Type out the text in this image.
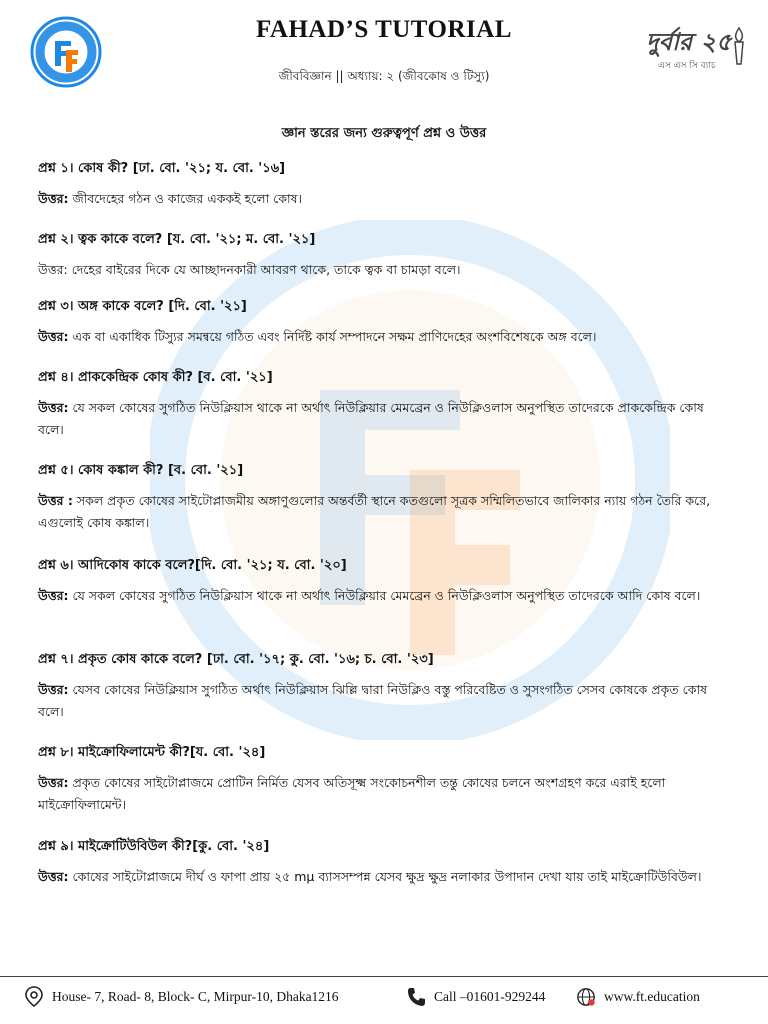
FAHAD’S TUTORIAL
জীববিজ্ঞান || অধ্যায়: ২ (জীবকোষ ও টিস্যু)
দুর্বার ২৫
এস এস সি ব্যাচ
জ্ঞান স্তরের জন্য গুরুত্বপূর্ণ প্রশ্ন ও উত্তর

প্রশ্ন ১। কোষ কী? [ঢা. বো. '২১; য. বো. '১৬]

উত্তর: জীবদেহের গঠন ও কাজের এককই হলো কোষ।

প্রশ্ন ২। ত্বক কাকে বলে? [য. বো. '২১; ম. বো. '২১]

উত্তর: দেহের বাইরের দিকে যে আচ্ছাদনকারী আবরণ থাকে, তাকে ত্বক বা চামড়া বলে।

প্রশ্ন ৩। অঙ্গ কাকে বলে? [দি. বো. '২১]

উত্তর: এক বা একাধিক টিস্যুর সমন্বয়ে গঠিত এবং নির্দিষ্ট কার্য সম্পাদনে সক্ষম প্রাণিদেহের অংশবিশেষকে অঙ্গ বলে।

প্রশ্ন ৪। প্রাককেন্দ্রিক কোষ কী? [ব. বো. '২১]

উত্তর: যে সকল কোষের সুগঠিত নিউক্লিয়াস থাকে না অর্থাৎ নিউক্লিয়ার মেমব্রেন ও নিউক্লিওলাস অনুপস্থিত তাদেরকে প্রাককেন্দ্রিক কোষ বলে।

প্রশ্ন ৫। কোষ কঙ্কাল কী? [ব. বো. '২১]

উত্তর : সকল প্রকৃত কোষের সাইটোপ্লাজমীয় অঙ্গাণুগুলোর অন্তর্বর্তী স্থানে কতগুলো সূত্রক সম্মিলিতভাবে জালিকার ন্যায় গঠন তৈরি করে, এগুলোই কোষ কঙ্কাল।

প্রশ্ন ৬। আদিকোষ কাকে বলে?[দি. বো. '২১; য. বো. '২০]

উত্তর: যে সকল কোষের সুগঠিত নিউক্লিয়াস থাকে না অর্থাৎ নিউক্লিয়ার মেমব্রেন ও নিউক্লিওলাস অনুপস্থিত তাদেরকে আদি কোষ বলে।

প্রশ্ন ৭। প্রকৃত কোষ কাকে বলে? [ঢা. বো. '১৭; কু. বো. '১৬; চ. বো. '২৩]

উত্তর: যেসব কোষের নিউক্লিয়াস সুগঠিত অর্থাৎ নিউক্লিয়াস ঝিল্লি দ্বারা নিউক্লিও বস্তু পরিবেষ্টিত ও সুসংগঠিত সেসব কোষকে প্রকৃত কোষ বলে।

প্রশ্ন ৮। মাইক্রোফিলামেন্ট কী?[য. বো. '২৪]

উত্তর: প্রকৃত কোষের সাইটোপ্লাজমে প্রোটিন নির্মিত যেসব অতিসূক্ষ্ম সংকোচনশীল তন্তু কোষের চলনে অংশগ্রহণ করে এরাই হলো মাইক্রোফিলামেন্ট।

প্রশ্ন ৯। মাইক্রোটিউবিউল কী?[কু. বো. '২৪]

উত্তর: কোষের সাইটোপ্লাজমে দীর্ঘ ও ফাপা প্রায় ২৫ mμ ব্যাসসম্পন্ন যেসব ক্ষুদ্র ক্ষুদ্র নলাকার উপাদান দেখা যায় তাই মাইক্রোটিউবিউল।

House- 7, Road- 8, Block- C, Mirpur-10, Dhaka1216	Call –01601-929244	www.ft.education
